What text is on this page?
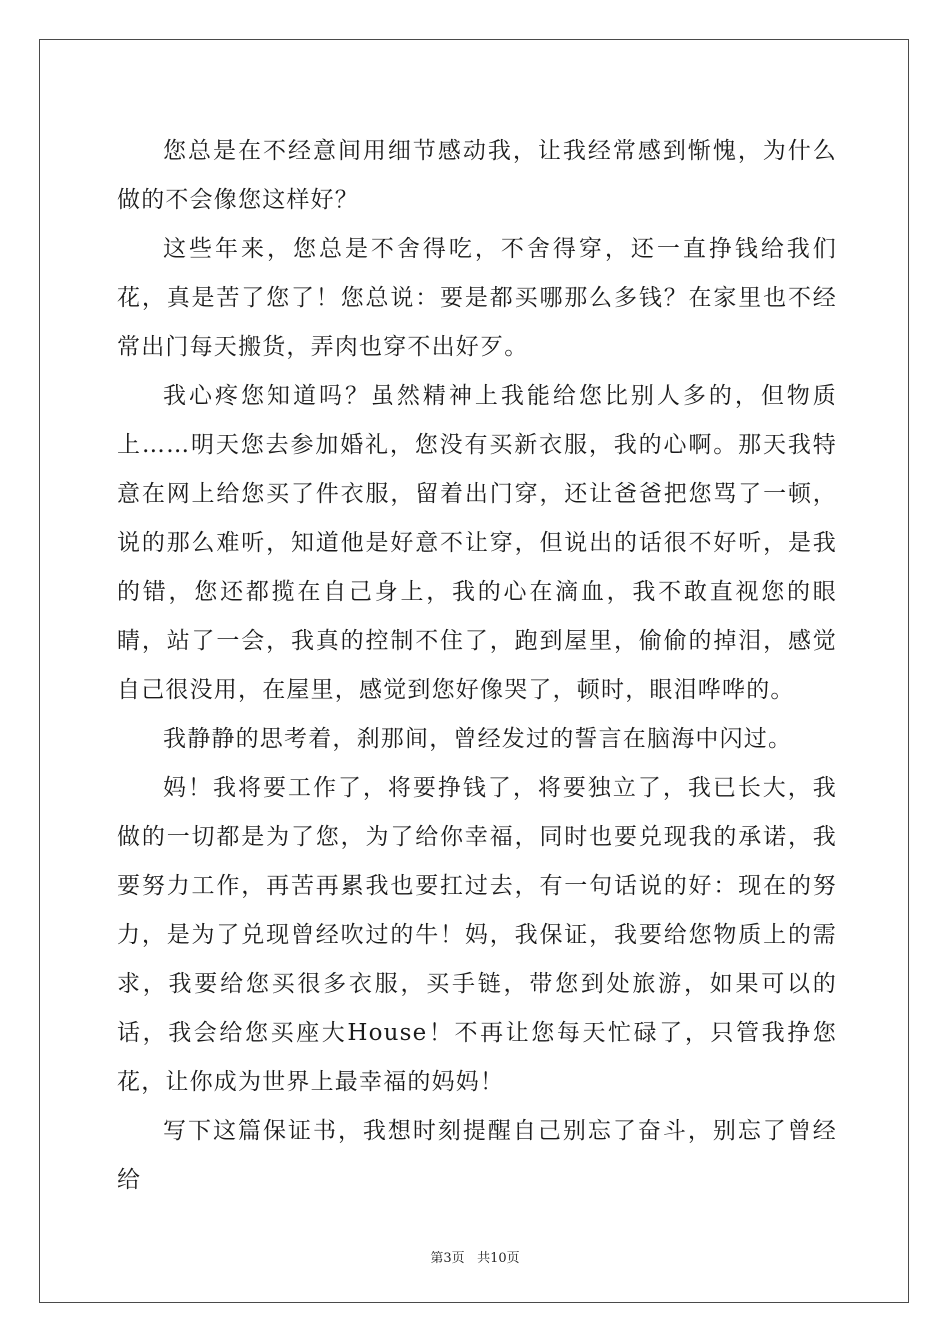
您总是在不经意间用细节感动我，让我经常感到惭愧，为什么做的不会像您这样好？

这些年来，您总是不舍得吃，不舍得穿，还一直挣钱给我们花，真是苦了您了！您总说：要是都买哪那么多钱？在家里也不经常出门每天搬货，弄肉也穿不出好歹。

我心疼您知道吗？虽然精神上我能给您比别人多的，但物质上……明天您去参加婚礼，您没有买新衣服，我的心啊。那天我特意在网上给您买了件衣服，留着出门穿，还让爸爸把您骂了一顿，说的那么难听，知道他是好意不让穿，但说出的话很不好听，是我的错，您还都揽在自己身上，我的心在滴血，我不敢直视您的眼睛，站了一会，我真的控制不住了，跑到屋里，偷偷的掉泪，感觉自己很没用，在屋里，感觉到您好像哭了，顿时，眼泪哗哗的。

我静静的思考着，刹那间，曾经发过的誓言在脑海中闪过。

妈！我将要工作了，将要挣钱了，将要独立了，我已长大，我做的一切都是为了您，为了给你幸福，同时也要兑现我的承诺，我要努力工作，再苦再累我也要扛过去，有一句话说的好：现在的努力，是为了兑现曾经吹过的牛！妈，我保证，我要给您物质上的需求，我要给您买很多衣服，买手链，带您到处旅游，如果可以的话，我会给您买座大House！不再让您每天忙碌了，只管我挣您花，让你成为世界上最幸福的妈妈！

写下这篇保证书，我想时刻提醒自己别忘了奋斗，别忘了曾经给

第3页 共10页
